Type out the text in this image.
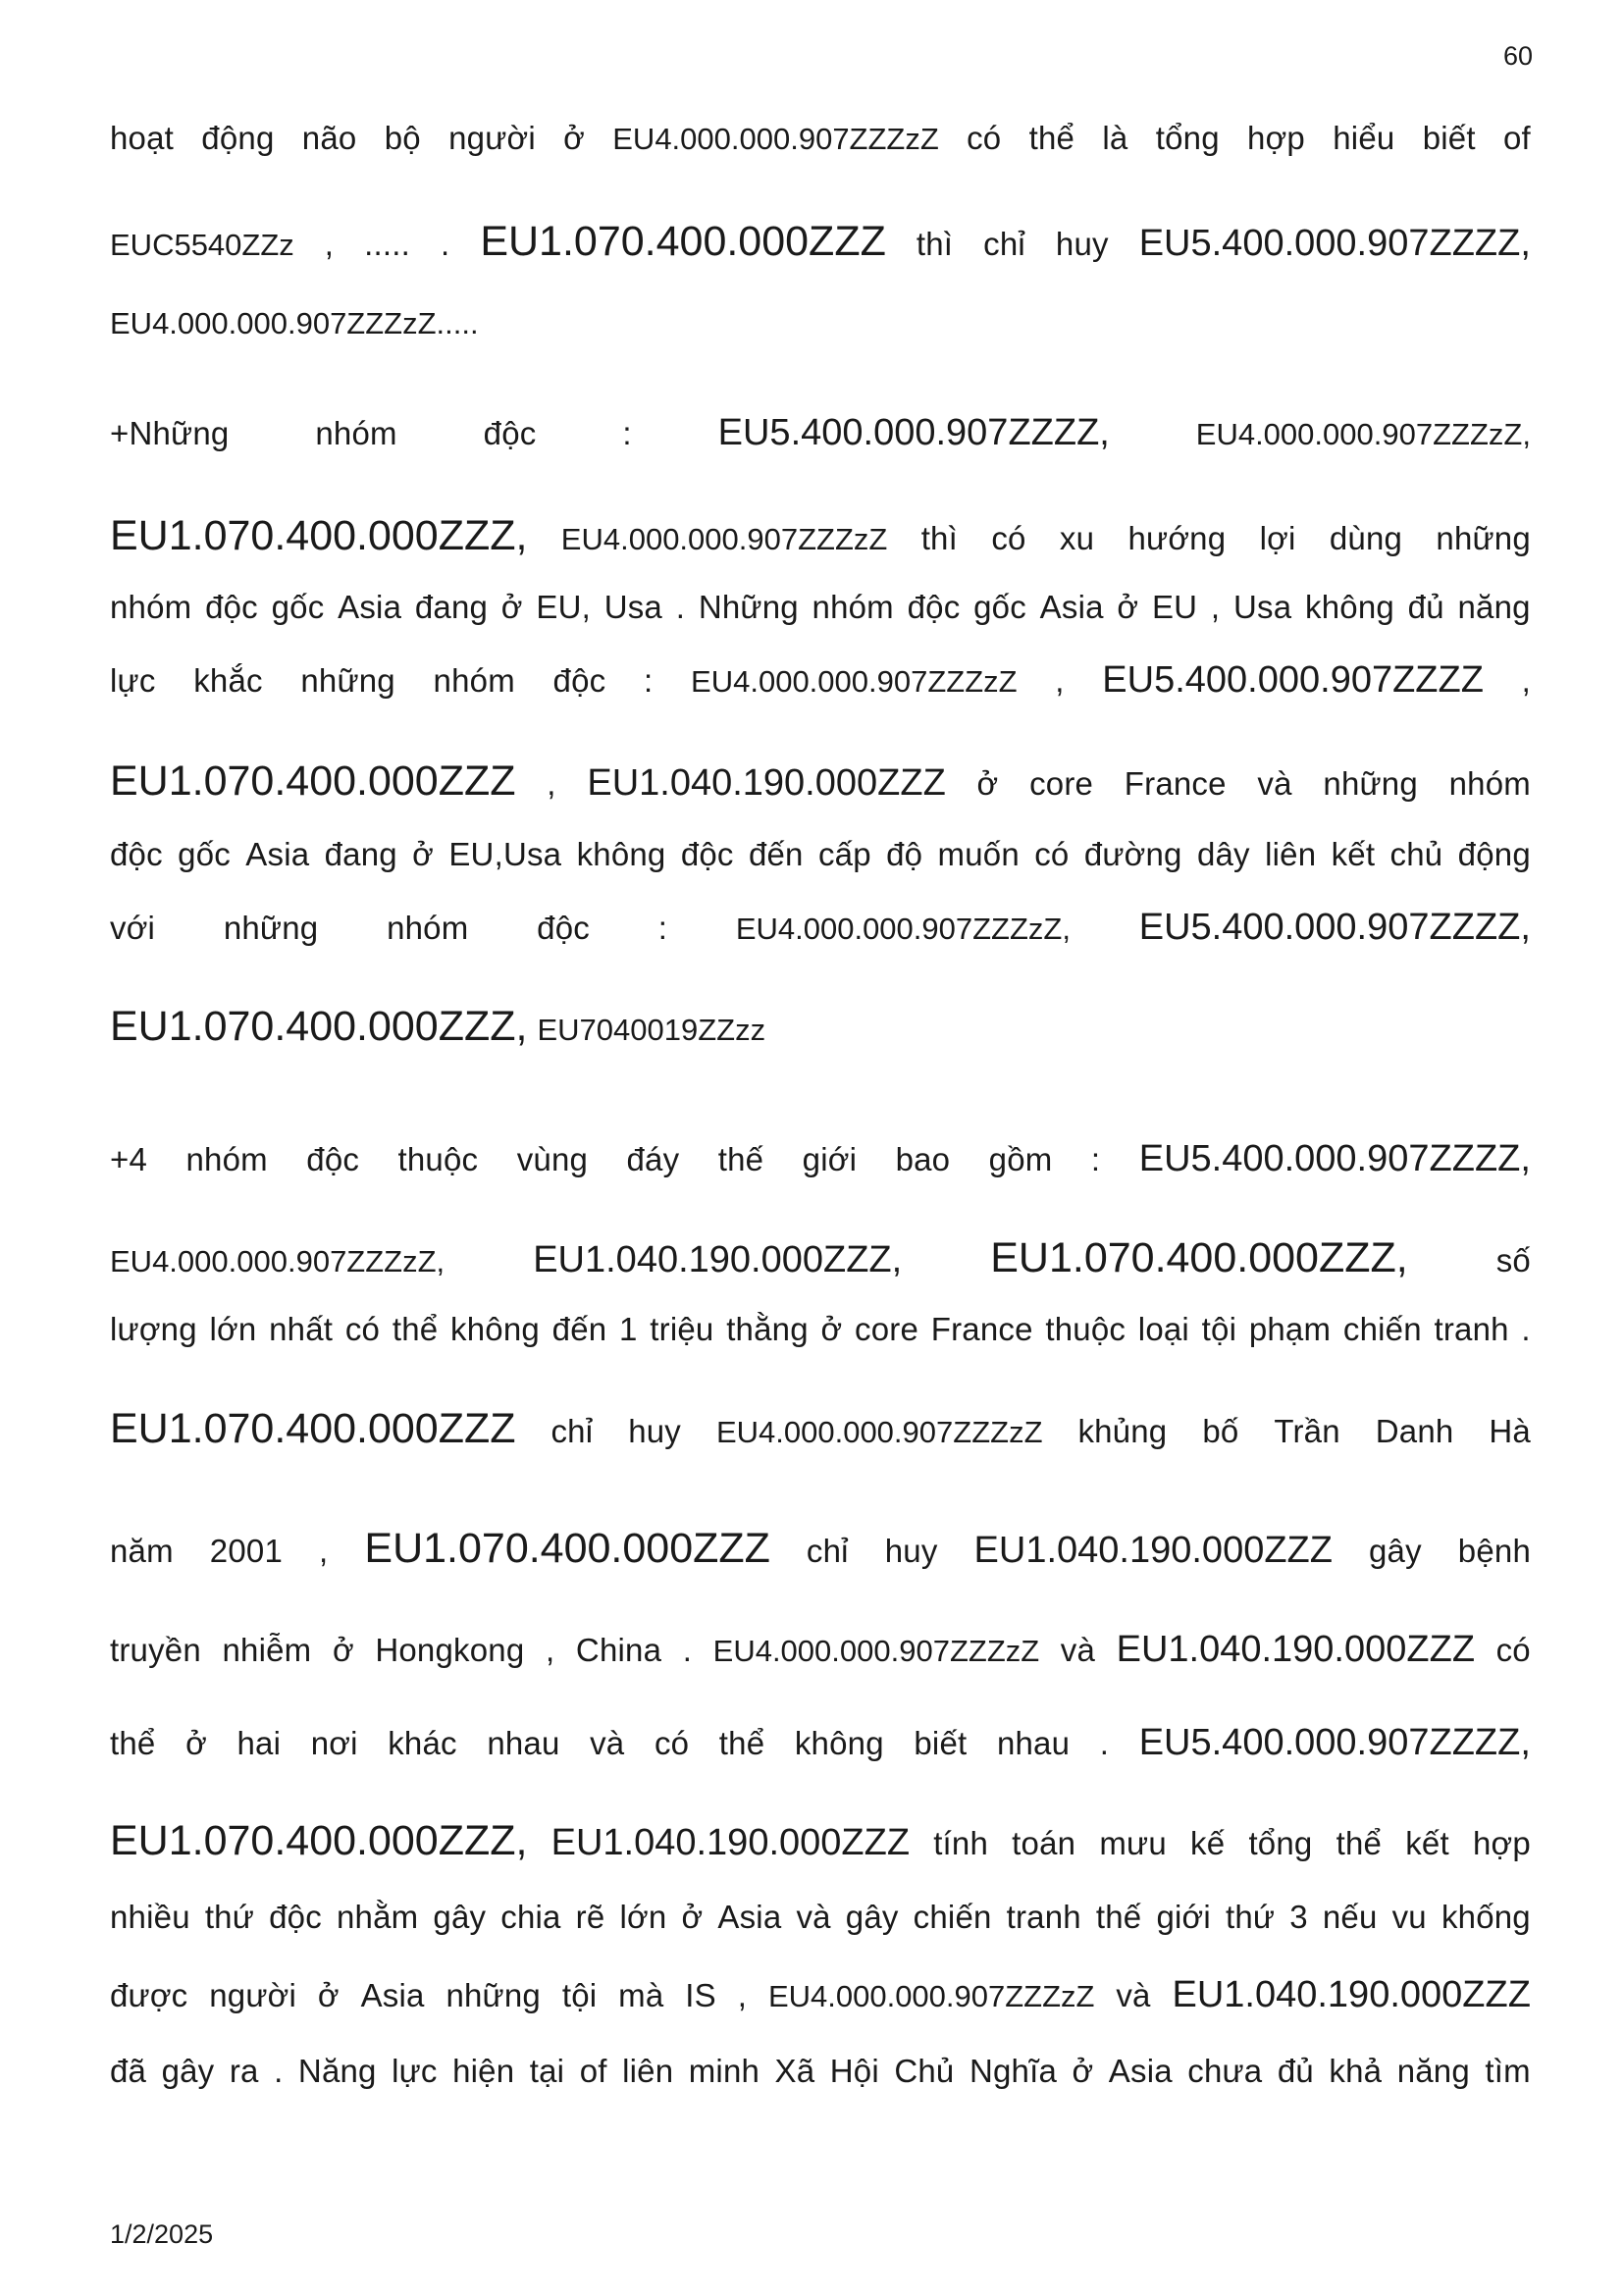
60
hoạt động não bộ người ở EU4.000.000.907ZZZzZ có thể là tổng hợp hiểu biết of
EUC5540ZZz , ..... . EU1.070.400.000ZZZ thì chỉ huy EU5.400.000.907ZZZZ,
EU4.000.000.907ZZZzZ.....
+Những	nhóm	độc	: EU5.400.000.907ZZZZ,	EU4.000.000.907ZZZzZ,
EU1.070.400.000ZZZ, EU4.000.000.907ZZZzZ thì có xu hướng lợi dùng những
nhóm độc gốc Asia đang ở EU, Usa . Những nhóm độc gốc Asia ở EU , Usa không đủ năng
lực khắc những nhóm độc : EU4.000.000.907ZZZzZ , EU5.400.000.907ZZZZ ,
EU1.070.400.000ZZZ , EU1.040.190.000ZZZ ở core France và những nhóm
độc gốc Asia đang ở EU,Usa không độc đến cấp độ muốn có đường dây liên kết chủ động
với những nhóm độc : EU4.000.000.907ZZZzZ, EU5.400.000.907ZZZZ,
EU1.070.400.000ZZZ, EU7040019ZZzz
+4 nhóm độc thuộc vùng đáy thế giới bao gồm : EU5.400.000.907ZZZZ,
EU4.000.000.907ZZZzZ, EU1.040.190.000ZZZ, EU1.070.400.000ZZZ,	số
lượng lớn nhất có thể không đến 1 triệu thằng ở core France thuộc loại tội phạm chiến tranh .
EU1.070.400.000ZZZ chỉ huy EU4.000.000.907ZZZzZ khủng bố Trần Danh Hà
năm 2001 , EU1.070.400.000ZZZ chỉ huy EU1.040.190.000ZZZ gây bệnh
truyền nhiễm ở Hongkong , China . EU4.000.000.907ZZZzZ và EU1.040.190.000ZZZ có
thể ở hai nơi khác nhau và có thể không biết nhau . EU5.400.000.907ZZZZ,
EU1.070.400.000ZZZ, EU1.040.190.000ZZZ tính toán mưu kế tổng thể kết hợp
nhiều thứ độc nhằm gây chia rẽ lớn ở Asia và gây chiến tranh thế giới thứ 3 nếu vu khống
được người ở Asia những tội mà IS , EU4.000.000.907ZZZzZ và EU1.040.190.000ZZZ
đã gây ra . Năng lực hiện tại of liên minh Xã Hội Chủ Nghĩa ở Asia chưa đủ khả năng tìm
1/2/2025
